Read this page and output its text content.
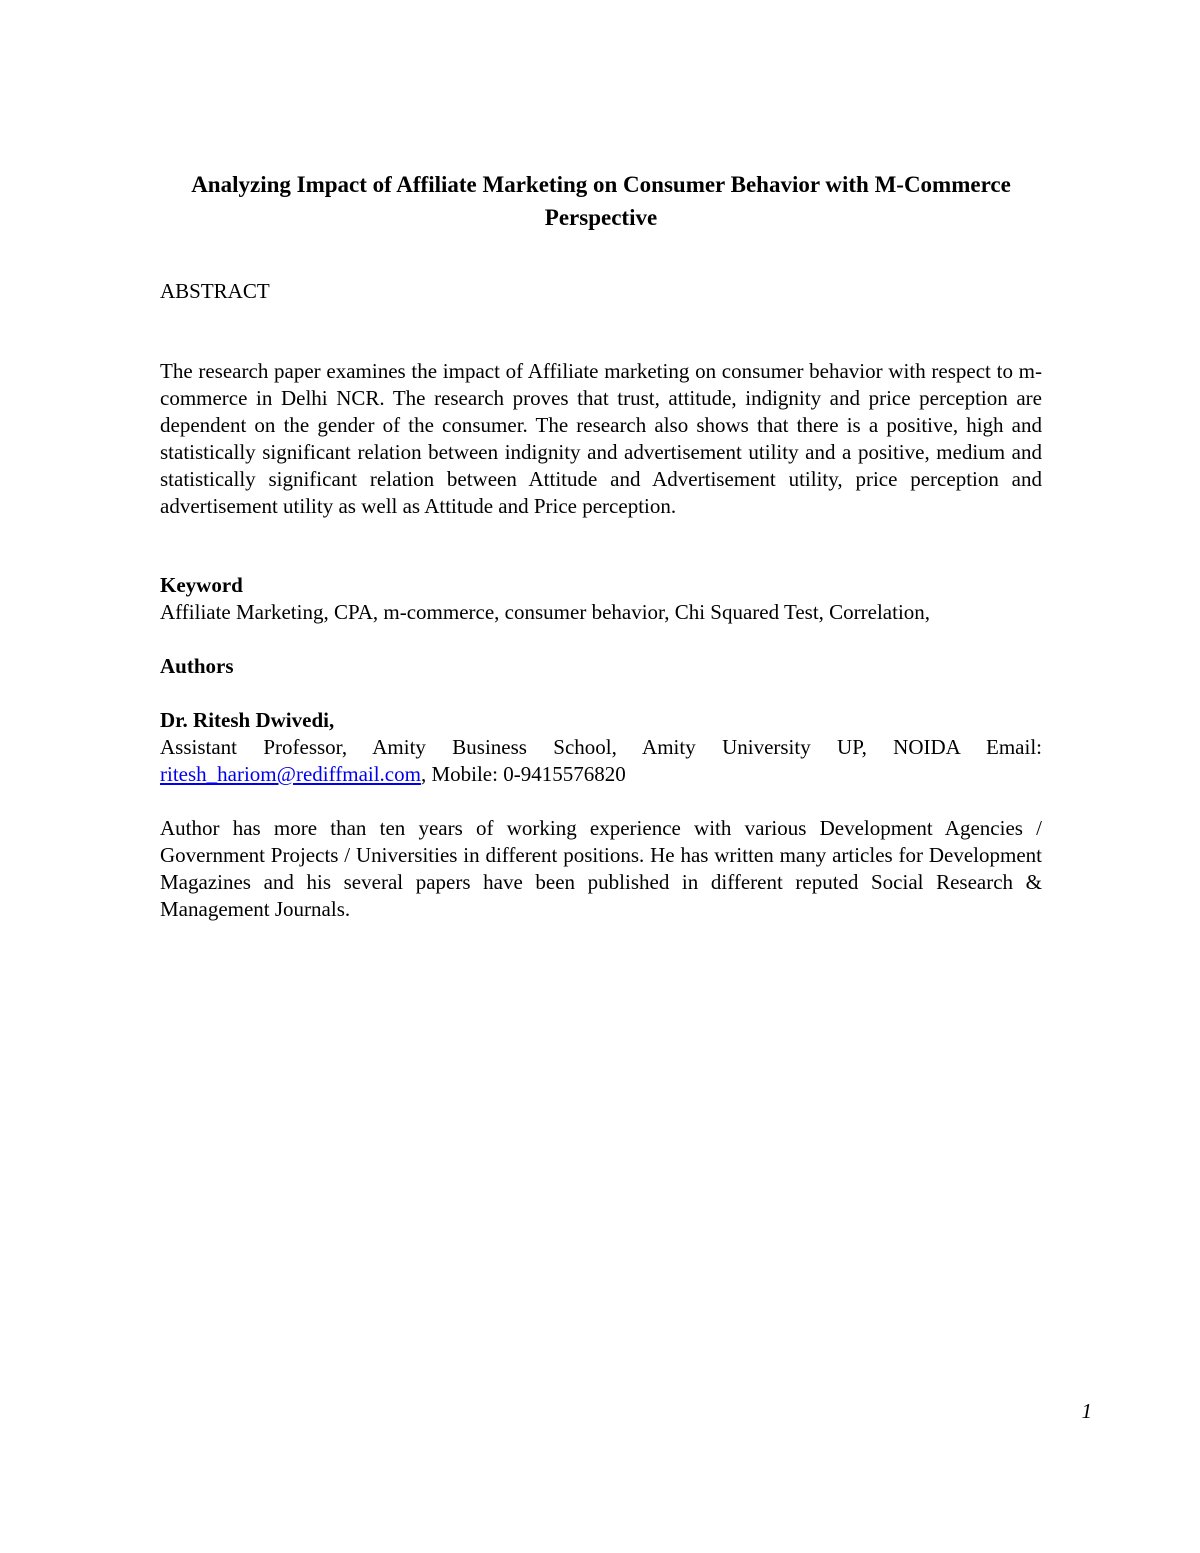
Analyzing Impact of Affiliate Marketing on Consumer Behavior with M-Commerce Perspective

ABSTRACT

The research paper examines the impact of Affiliate marketing on consumer behavior with respect to m-commerce in Delhi NCR. The research proves that trust, attitude, indignity and price perception are dependent on the gender of the consumer. The research also shows that there is a positive, high and statistically significant relation between indignity and advertisement utility and a positive, medium and statistically significant relation between Attitude and Advertisement utility, price perception and advertisement utility as well as Attitude and Price perception.

Keyword

Affiliate Marketing, CPA, m-commerce, consumer behavior, Chi Squared Test, Correlation,

Authors

Dr. Ritesh Dwivedi,

Assistant Professor, Amity Business School, Amity University UP, NOIDA Email:

ritesh_hariom@rediffmail.com, Mobile: 0-9415576820

Author has more than ten years of working experience with various Development Agencies / Government Projects / Universities in different positions. He has written many articles for Development Magazines and his several papers have been published in different reputed Social Research & Management Journals.

1
